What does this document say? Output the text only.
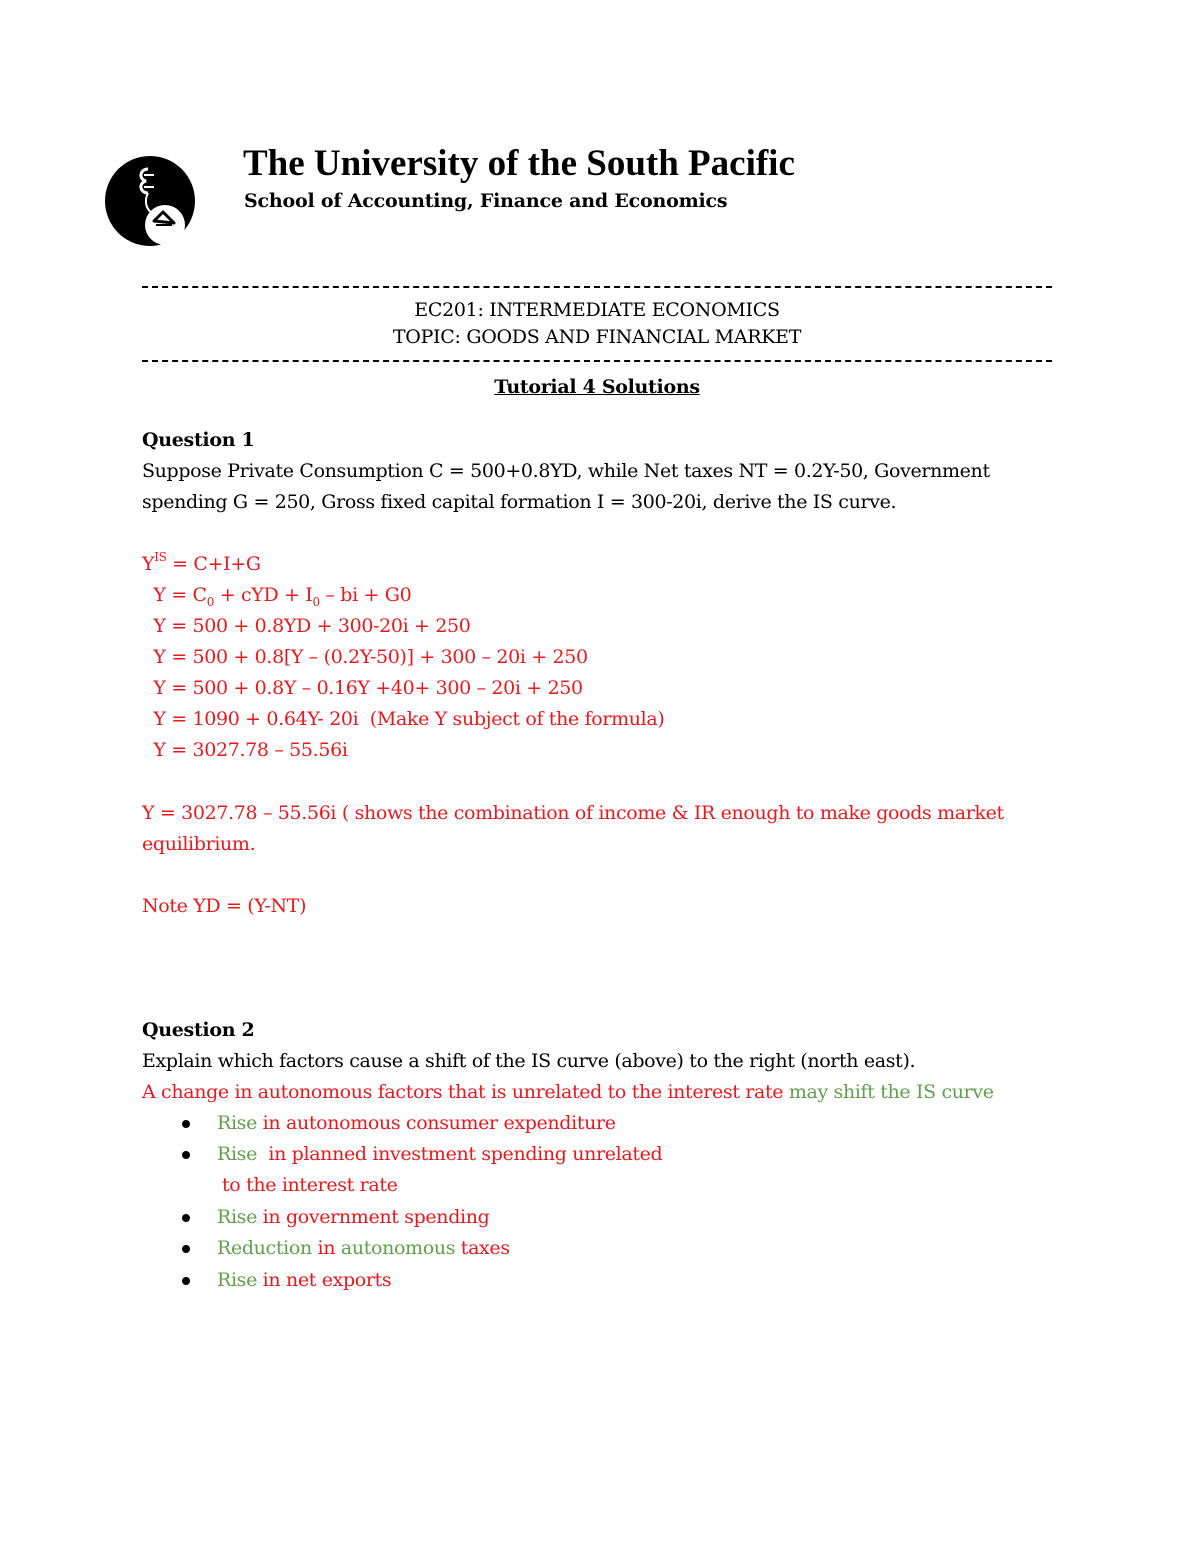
The University of the South Pacific
School of Accounting, Finance and Economics
EC201: INTERMEDIATE ECONOMICS
TOPIC: GOODS AND FINANCIAL MARKET
Tutorial 4 Solutions
Question 1
Suppose Private Consumption C = 500+0.8YD, while Net taxes NT = 0.2Y-50, Government
spending G = 250, Gross fixed capital formation I = 300-20i, derive the IS curve.
$Y^{IS} = C+I+G$
$Y = C_0$ + cYD + $I_0$ – bi + G0
Y = 500 + 0.8YD + 300-20i + 250
Y = 500 + 0.8[Y – (0.2Y-50)] + 300 – 20i + 250
Y = 500 + 0.8Y – 0.16Y +40+ 300 – 20i + 250
Y = 1090 + 0.64Y- 20i  (Make Y subject of the formula)
Y = 3027.78 – 55.56i
Y = 3027.78 – 55.56i ( shows the combination of income & IR enough to make goods market
equilibrium.
Note YD = (Y-NT)
Question 2
Explain which factors cause a shift of the IS curve (above) to the right (north east).
A change in autonomous factors that is unrelated to the interest rate may shift the IS curve
Rise in autonomous consumer expenditure
Rise  in planned investment spending unrelated
to the interest rate
Rise in government spending
Reduction in autonomous taxes
Rise in net exports
